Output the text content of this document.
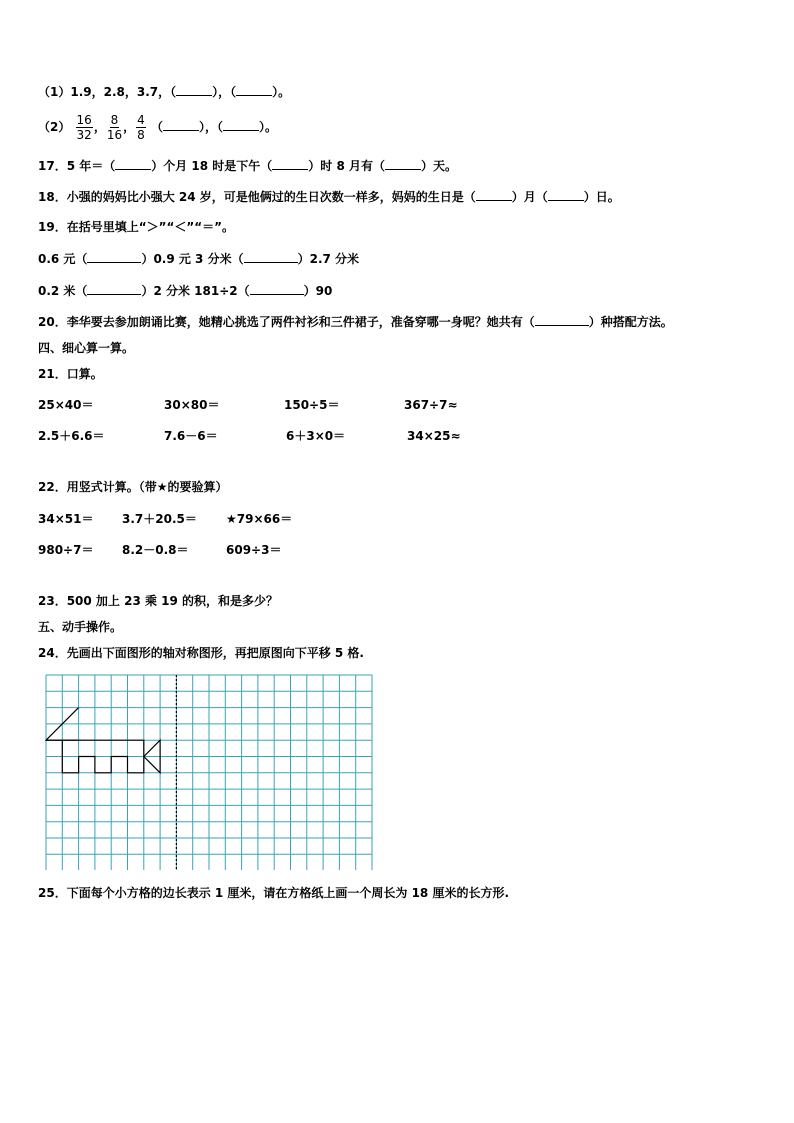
（1）1.9，2.8，3.7，（	），（	）。
$(2) \frac{16}{32}$ ， $\frac{8}{16}$ ， $\frac{4}{8}$ （	），（	）。
17．5 年＝（	）个月 18 时是下午（	）时 8 月有（	）天。
18．小强的妈妈比小强大 24 岁，可是他俩过的生日次数一样多，妈妈的生日是（	）月（	）日。
19．在括号里填上“＞”“＜”“＝”。
0.6 元（	）0.9 元 3 分米（	）2.7 分米
0.2 米（	）2 分米 181÷2（	）90
20．李华要去参加朗诵比赛，她精心挑选了两件衬衫和三件裙子，准备穿哪一身呢？她共有（	）种搭配方法。
四、细心算一算。
21．口算。
25×40＝	30×80＝	150÷5＝	367÷7≈
2.5＋6.6＝	7.6－6＝	6＋3×0＝	34×25≈
22．用竖式计算。（带★的要验算）
34×51＝ 3.7＋20.5＝ ★79×66＝
980÷7＝ 8.2－0.8＝	609÷3＝
23．500 加上 23 乘 19 的积，和是多少？
五、动手操作。
24．先画出下面图形的轴对称图形，再把原图向下平移 5 格.
25．下面每个小方格的边长表示 1 厘米，请在方格纸上画一个周长为 18 厘米的长方形.
